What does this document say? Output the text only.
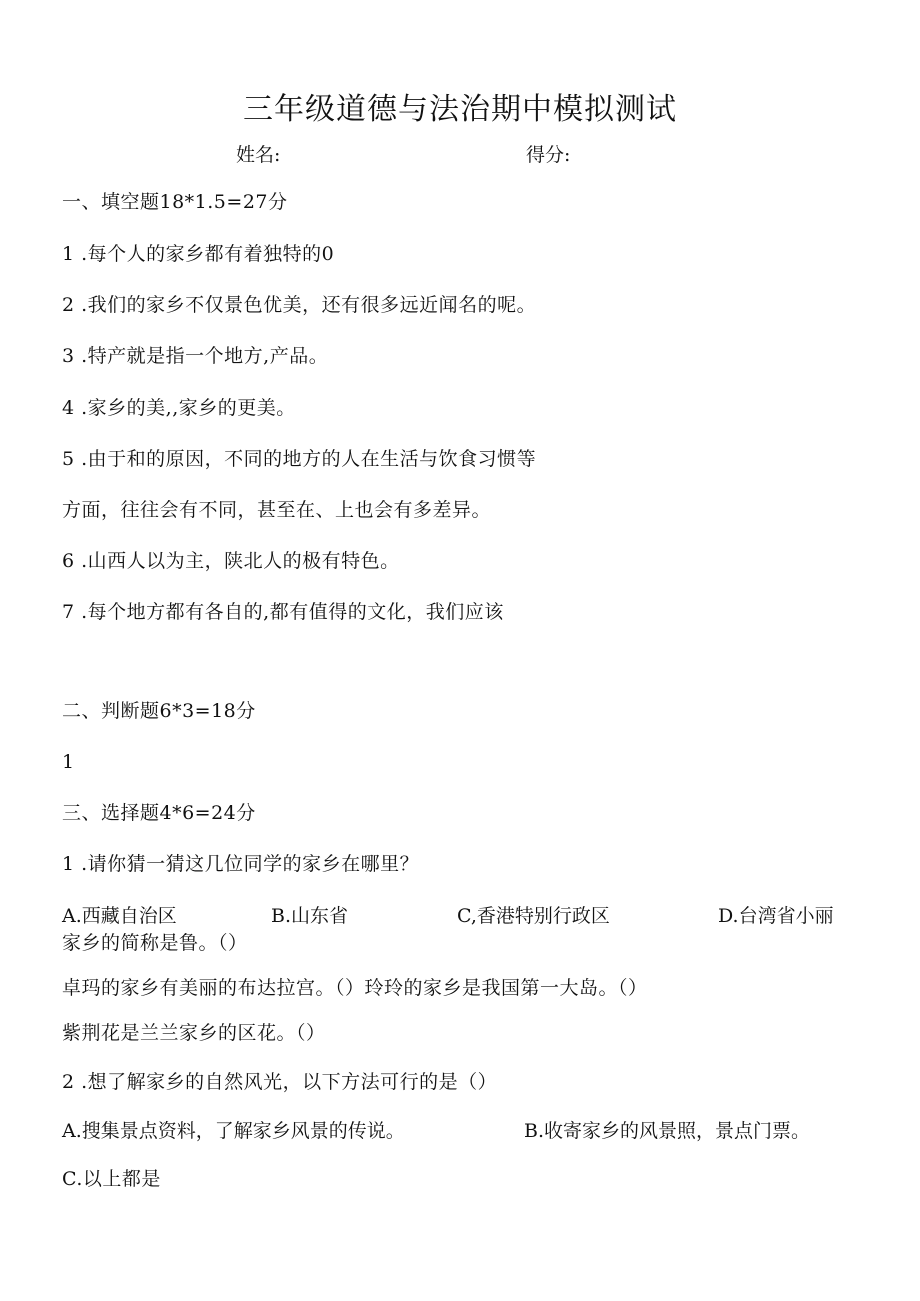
三年级道德与法治期中模拟测试
姓名:	得分:
一、填空题18*1.5=27分
1 .每个人的家乡都有着独特的0
2 .我们的家乡不仅景色优美，还有很多远近闻名的呢。
3 .特产就是指一个地方,产品。
4 .家乡的美,,家乡的更美。
5 .由于和的原因，不同的地方的人在生活与饮食习惯等
方面，往往会有不同，甚至在、上也会有多差异。
6 .山西人以为主，陕北人的极有特色。
7 .每个地方都有各自的,都有值得的文化，我们应该
二、判断题6*3=18分
1
三、选择题4*6=24分
1 .请你猜一猜这几位同学的家乡在哪里？
A.西藏自治区	B.山东省	C,香港特别行政区	D.台湾省小丽
家乡的简称是鲁。（）
卓玛的家乡有美丽的布达拉宫。（）玲玲的家乡是我国第一大岛。（）
紫荆花是兰兰家乡的区花。（）
2 .想了解家乡的自然风光，以下方法可行的是（）
A.搜集景点资料，了解家乡风景的传说。	B.收寄家乡的风景照，景点门票。
C.以上都是
